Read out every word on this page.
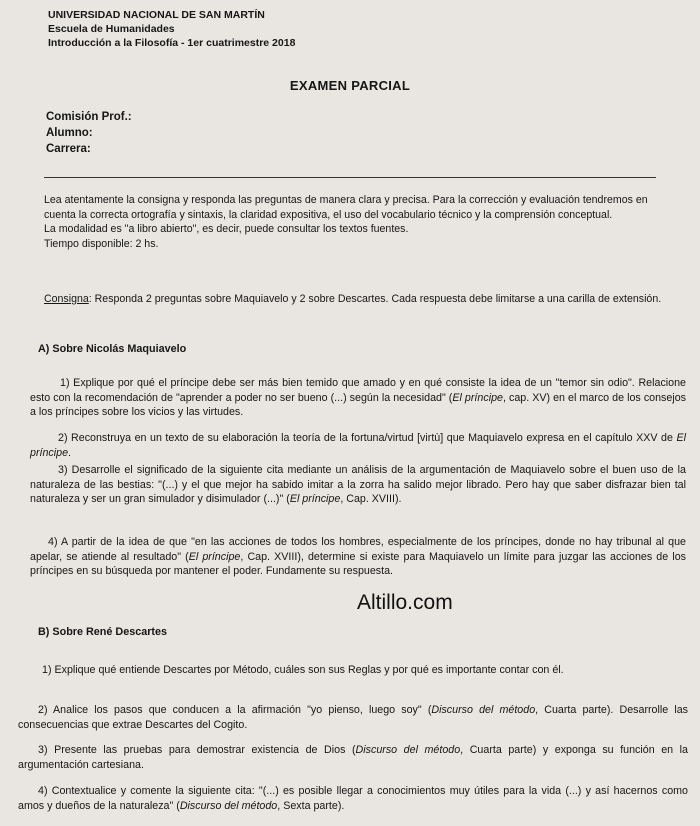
UNIVERSIDAD NACIONAL DE SAN MARTÍN
Escuela de Humanidades
Introducción a la Filosofía - 1er cuatrimestre 2018
EXAMEN PARCIAL
Comisión Prof.:
Alumno:
Carrera:

Lea atentamente la consigna y responda las preguntas de manera clara y precisa. Para la corrección y evaluación tendremos en cuenta la correcta ortografía y sintaxis, la claridad expositiva, el uso del vocabulario técnico y la comprensión conceptual.

La modalidad es "a libro abierto", es decir, puede consultar los textos fuentes.

Tiempo disponible: 2 hs.

Consigna: Responda 2 preguntas sobre Maquiavelo y 2 sobre Descartes. Cada respuesta debe limitarse a una carilla de extensión.
A) Sobre Nicolás Maquiavelo
1) Explique por qué el príncipe debe ser más bien temido que amado y en qué consiste la idea de un "temor sin odio". Relacione esto con la recomendación de "aprender a poder no ser bueno (...) según la necesidad" (El príncipe, cap. XV) en el marco de los consejos a los príncipes sobre los vicios y las virtudes.
2) Reconstruya en un texto de su elaboración la teoría de la fortuna/virtud [virtù] que Maquiavelo expresa en el capítulo XXV de El príncipe.
3) Desarrolle el significado de la siguiente cita mediante un análisis de la argumentación de Maquiavelo sobre el buen uso de la naturaleza de las bestias: "(...) y el que mejor ha sabido imitar a la zorra ha salido mejor librado. Pero hay que saber disfrazar bien tal naturaleza y ser un gran simulador y disimulador (...)" (El príncipe, Cap. XVIII).
4) A partir de la idea de que "en las acciones de todos los hombres, especialmente de los príncipes, donde no hay tribunal al que apelar, se atiende al resultado" (El príncipe, Cap. XVIII), determine si existe para Maquiavelo un límite para juzgar las acciones de los príncipes en su búsqueda por mantener el poder. Fundamente su respuesta.
Altillo.com
B) Sobre René Descartes
1) Explique qué entiende Descartes por Método, cuáles son sus Reglas y por qué es importante contar con él.
2) Analice los pasos que conducen a la afirmación "yo pienso, luego soy" (Discurso del método, Cuarta parte). Desarrolle las consecuencias que extrae Descartes del Cogito.
3) Presente las pruebas para demostrar existencia de Dios (Discurso del método, Cuarta parte) y exponga su función en la argumentación cartesiana.
4) Contextualice y comente la siguiente cita: "(...) es posible llegar a conocimientos muy útiles para la vida (...) y así hacernos como amos y dueños de la naturaleza" (Discurso del método, Sexta parte).
